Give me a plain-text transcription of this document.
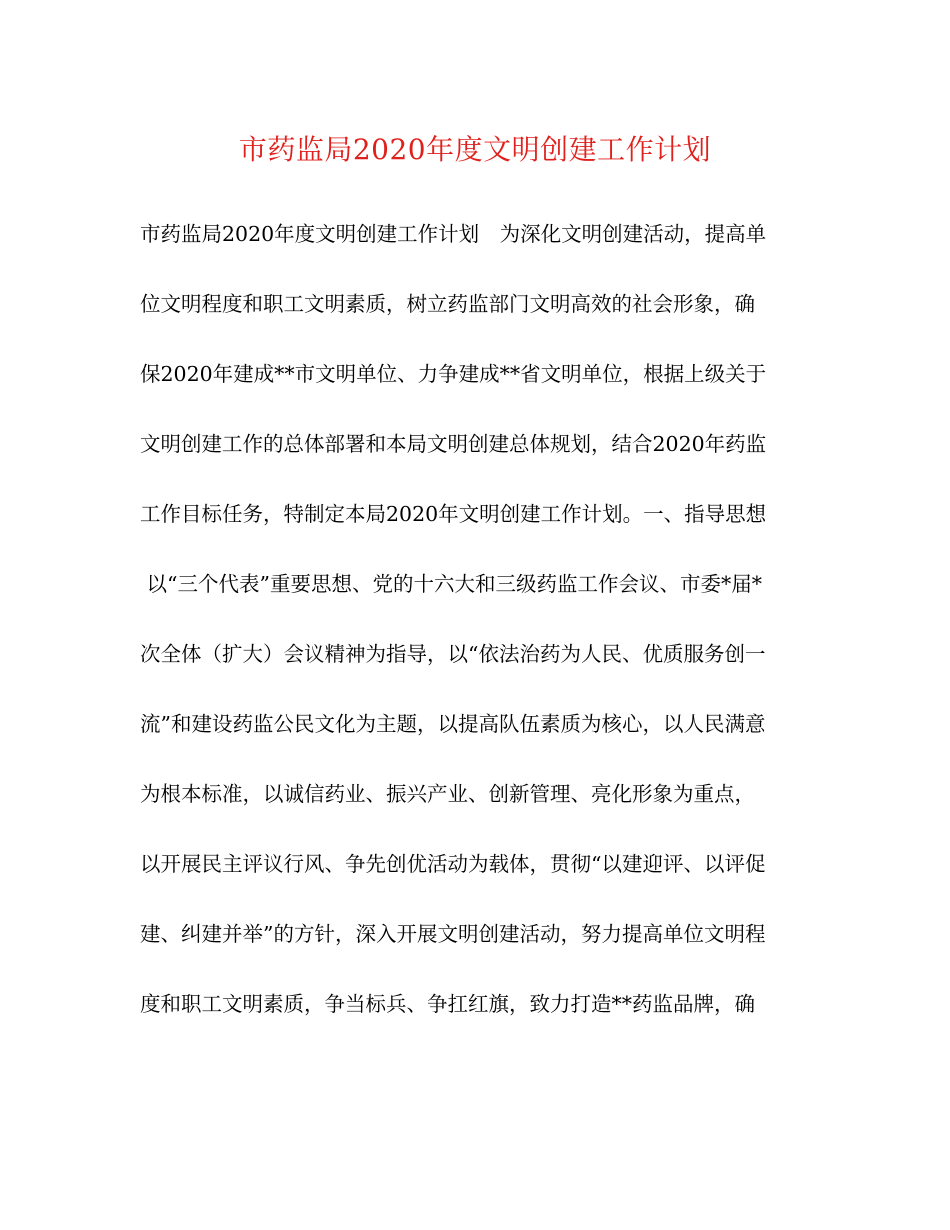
市药监局2020年度文明创建工作计划
市药监局2020年度文明创建工作计划　为深化文明创建活动，提高单
位文明程度和职工文明素质，树立药监部门文明高效的社会形象，确
保2020年建成**市文明单位、力争建成**省文明单位，根据上级关于
文明创建工作的总体部署和本局文明创建总体规划，结合2020年药监
工作目标任务，特制定本局2020年文明创建工作计划。一、指导思想
以“三个代表”重要思想、党的十六大和三级药监工作会议、市委*届*
次全体（扩大）会议精神为指导，以“依法治药为人民、优质服务创一
流”和建设药监公民文化为主题，以提高队伍素质为核心，以人民满意
为根本标准，以诚信药业、振兴产业、创新管理、亮化形象为重点，
以开展民主评议行风、争先创优活动为载体，贯彻“以建迎评、以评促
建、纠建并举”的方针，深入开展文明创建活动，努力提高单位文明程
度和职工文明素质，争当标兵、争扛红旗，致力打造**药监品牌，确
